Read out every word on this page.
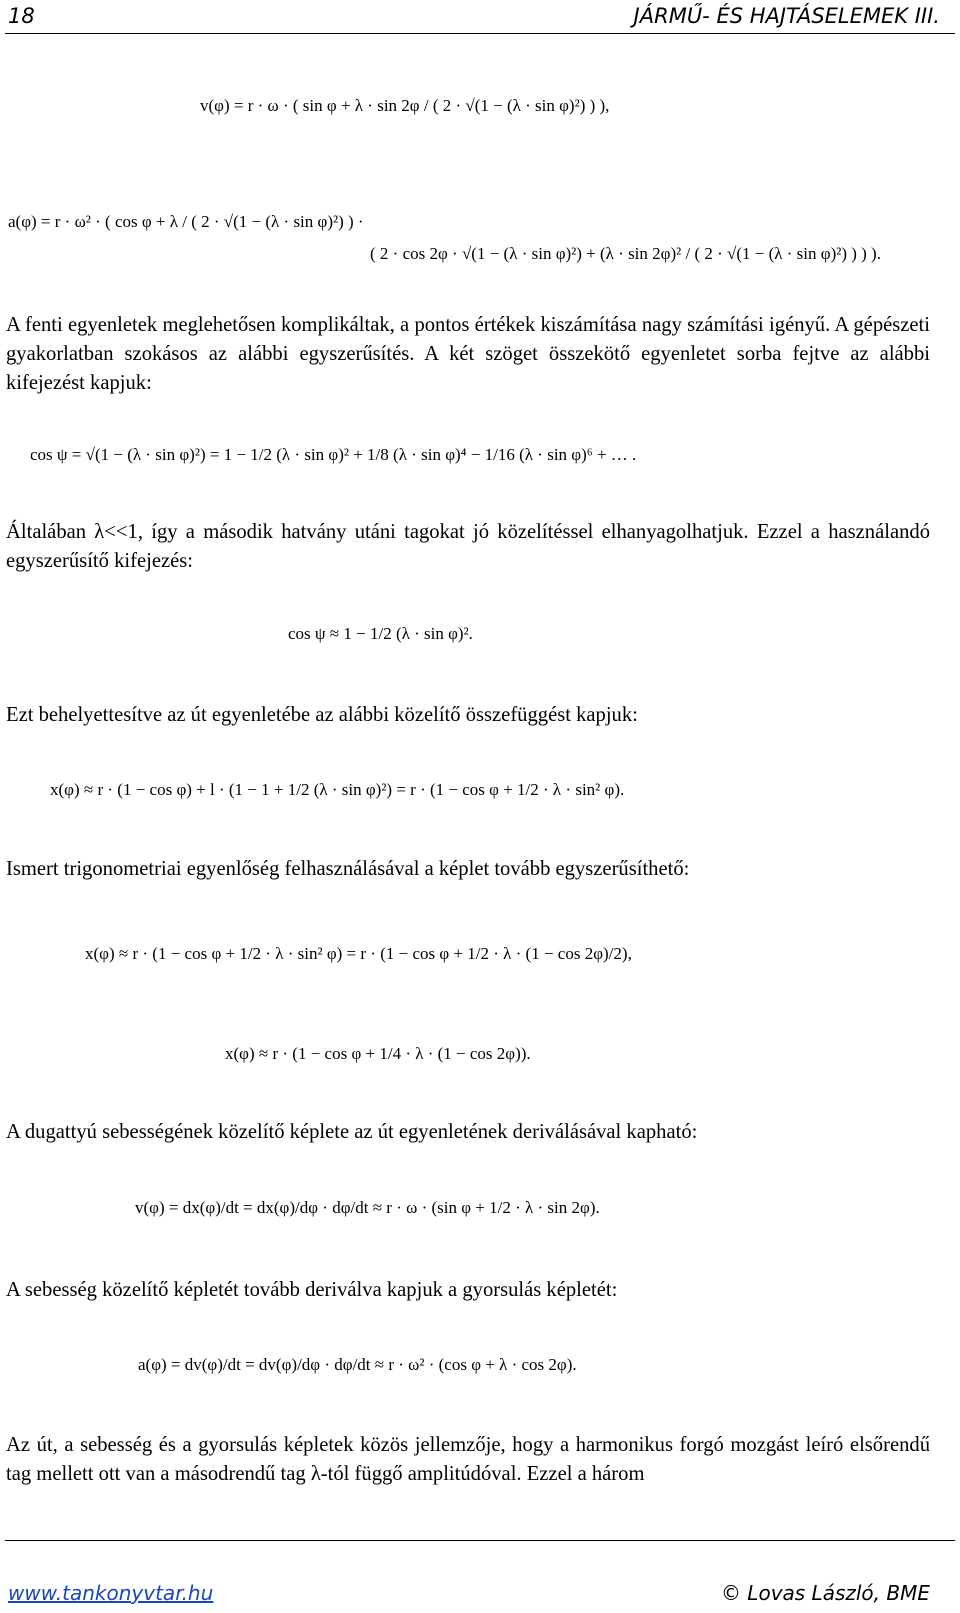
18	JÁRMŰ- ÉS HAJTÁSELEMEK III.
v(φ) = r · ω · ( sin φ + λ · sin 2φ / ( 2 · √(1 − (λ · sin φ)²) ) ),
a(φ) = r · ω² · ( cos φ + λ / ( 2 · √(1 − (λ · sin φ)²) ) ·
( 2 · cos 2φ · √(1 − (λ · sin φ)²) + (λ · sin 2φ)² / ( 2 · √(1 − (λ · sin φ)²) ) ) ).
A fenti egyenletek meglehetősen komplikáltak, a pontos értékek kiszámítása nagy számítási igényű. A gépészeti gyakorlatban szokásos az alábbi egyszerűsítés. A két szöget összekötő egyenletet sorba fejtve az alábbi kifejezést kapjuk:
cos ψ = √(1 − (λ · sin φ)²) = 1 − 1/2 (λ · sin φ)² + 1/8 (λ · sin φ)⁴ − 1/16 (λ · sin φ)⁶ + … .
Általában λ<<1, így a második hatvány utáni tagokat jó közelítéssel elhanyagolhatjuk. Ezzel a használandó egyszerűsítő kifejezés:
cos ψ ≈ 1 − 1/2 (λ · sin φ)².
Ezt behelyettesítve az út egyenletébe az alábbi közelítő összefüggést kapjuk:
x(φ) ≈ r · (1 − cos φ) + l · (1 − 1 + 1/2 (λ · sin φ)²) = r · (1 − cos φ + 1/2 · λ · sin² φ).
Ismert trigonometriai egyenlőség felhasználásával a képlet tovább egyszerűsíthető:
x(φ) ≈ r · (1 − cos φ + 1/2 · λ · sin² φ) = r · (1 − cos φ + 1/2 · λ · (1 − cos 2φ)/2),
x(φ) ≈ r · (1 − cos φ + 1/4 · λ · (1 − cos 2φ)).
A dugattyú sebességének közelítő képlete az út egyenletének deriválásával kapható:
v(φ) = dx(φ)/dt = dx(φ)/dφ · dφ/dt ≈ r · ω · (sin φ + 1/2 · λ · sin 2φ).
A sebesség közelítő képletét tovább deriválva kapjuk a gyorsulás képletét:
a(φ) = dv(φ)/dt = dv(φ)/dφ · dφ/dt ≈ r · ω² · (cos φ + λ · cos 2φ).
Az út, a sebesség és a gyorsulás képletek közös jellemzője, hogy a harmonikus forgó mozgást leíró elsőrendű tag mellett ott van a másodrendű tag λ-tól függő amplitúdóval. Ezzel a három
www.tankonyvtar.hu	© Lovas László, BME
